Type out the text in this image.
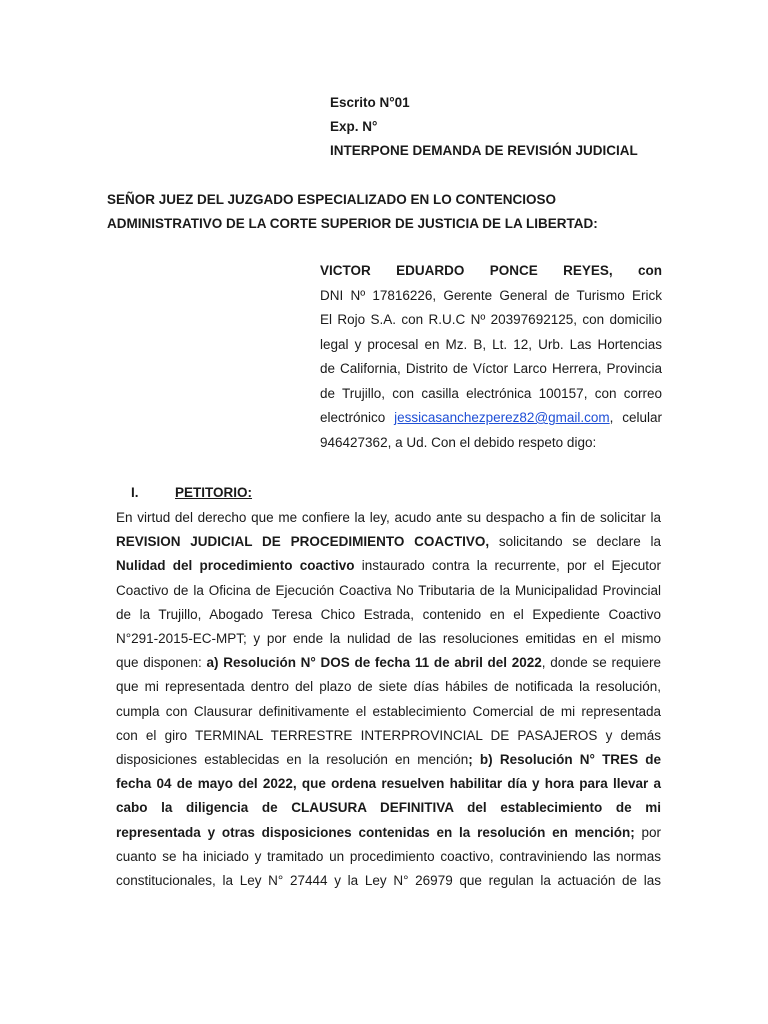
Escrito N°01
Exp. N°
INTERPONE DEMANDA DE REVISIÓN JUDICIAL
SEÑOR JUEZ DEL JUZGADO ESPECIALIZADO EN LO CONTENCIOSO
ADMINISTRATIVO DE LA CORTE SUPERIOR DE JUSTICIA DE LA LIBERTAD:
VICTOR EDUARDO PONCE REYES, con
DNI Nº 17816226, Gerente General de Turismo Erick
El Rojo S.A. con R.U.C Nº 20397692125, con domicilio
legal y procesal en Mz. B, Lt. 12, Urb. Las Hortencias
de California, Distrito de Víctor Larco Herrera, Provincia
de Trujillo, con casilla electrónica 100157, con correo
electrónico jessicasanchezperez82@gmail.com, celular
946427362, a Ud. Con el debido respeto digo:
I.	PETITORIO:
En virtud del derecho que me confiere la ley, acudo ante su despacho a fin de solicitar la
REVISION JUDICIAL DE PROCEDIMIENTO COACTIVO, solicitando se declare la
Nulidad del procedimiento coactivo instaurado contra la recurrente, por el Ejecutor
Coactivo de la Oficina de Ejecución Coactiva No Tributaria de la Municipalidad Provincial
de la Trujillo, Abogado Teresa Chico Estrada, contenido en el Expediente Coactivo
N°291-2015-EC-MPT; y por ende la nulidad de las resoluciones emitidas en el mismo
que disponen: a) Resolución N° DOS de fecha 11 de abril del 2022, donde se requiere
que mi representada dentro del plazo de siete días hábiles de notificada la resolución,
cumpla con Clausurar definitivamente el establecimiento Comercial de mi representada
con el giro TERMINAL TERRESTRE INTERPROVINCIAL DE PASAJEROS y demás
disposiciones establecidas en la resolución en mención; b) Resolución N° TRES de
fecha 04 de mayo del 2022, que ordena resuelven habilitar día y hora para llevar a
cabo la diligencia de CLAUSURA DEFINITIVA del establecimiento de mi
representada y otras disposiciones contenidas en la resolución en mención; por
cuanto se ha iniciado y tramitado un procedimiento coactivo, contraviniendo las normas
constitucionales, la Ley N° 27444 y la Ley N° 26979 que regulan la actuación de las
